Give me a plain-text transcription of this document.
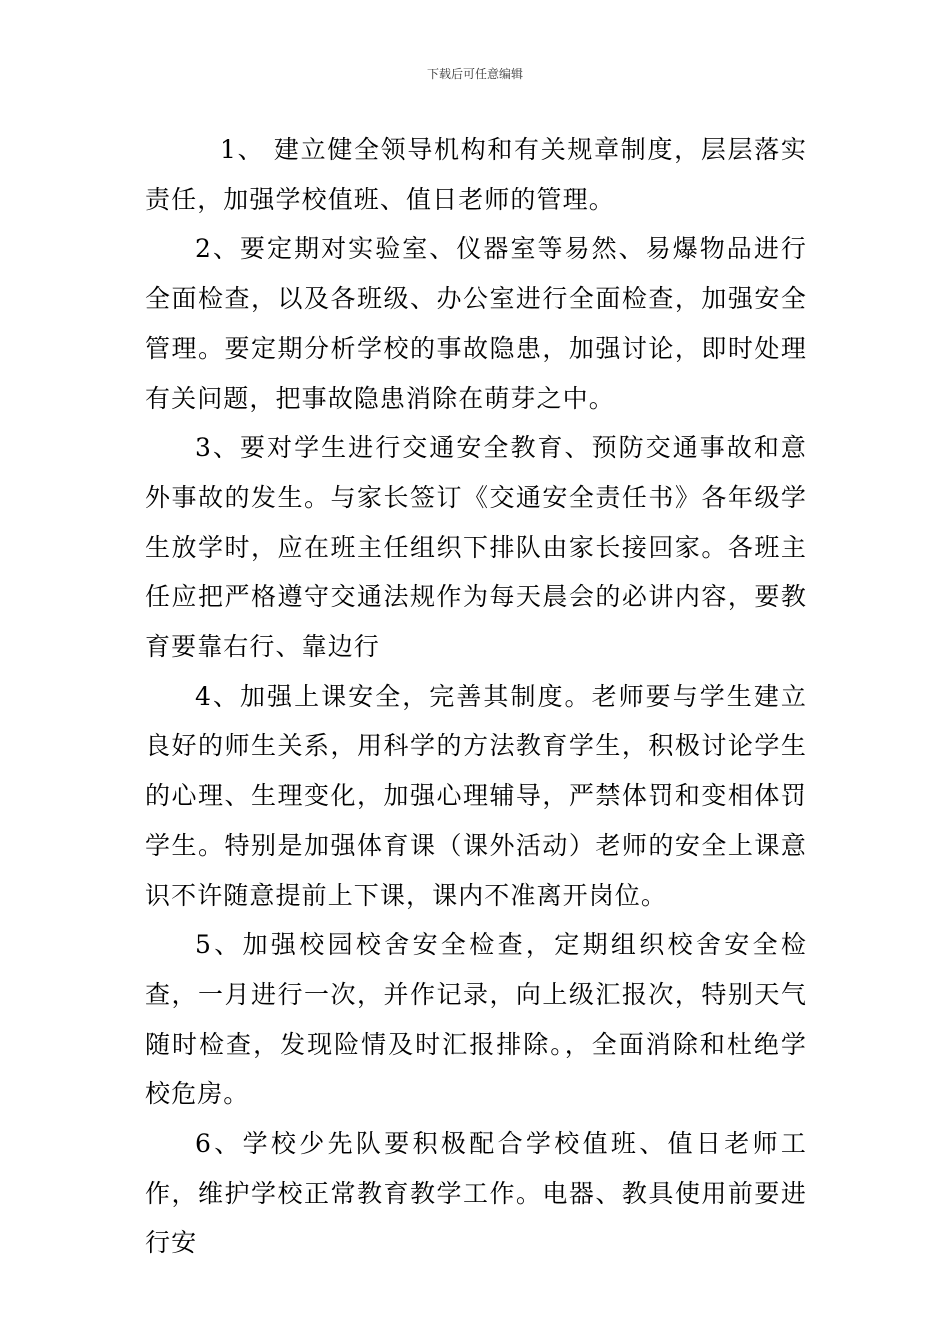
下载后可任意编辑

1、 建立健全领导机构和有关规章制度，层层落实责任，加强学校值班、值日老师的管理。

2、要定期对实验室、仪器室等易然、易爆物品进行全面检查，以及各班级、办公室进行全面检查，加强安全管理。要定期分析学校的事故隐患，加强讨论，即时处理有关问题，把事故隐患消除在萌芽之中。

3、要对学生进行交通安全教育、预防交通事故和意外事故的发生。与家长签订《交通安全责任书》各年级学生放学时，应在班主任组织下排队由家长接回家。各班主任应把严格遵守交通法规作为每天晨会的必讲内容，要教育要靠右行、靠边行

4、加强上课安全，完善其制度。老师要与学生建立良好的师生关系，用科学的方法教育学生，积极讨论学生的心理、生理变化，加强心理辅导，严禁体罚和变相体罚学生。特别是加强体育课（课外活动）老师的安全上课意识不许随意提前上下课，课内不准离开岗位。

5、加强校园校舍安全检查，定期组织校舍安全检查，一月进行一次，并作记录，向上级汇报次，特别天气随时检查，发现险情及时汇报排除。，全面消除和杜绝学校危房。

6、学校少先队要积极配合学校值班、值日老师工作，维护学校正常教育教学工作。电器、教具使用前要进行安
